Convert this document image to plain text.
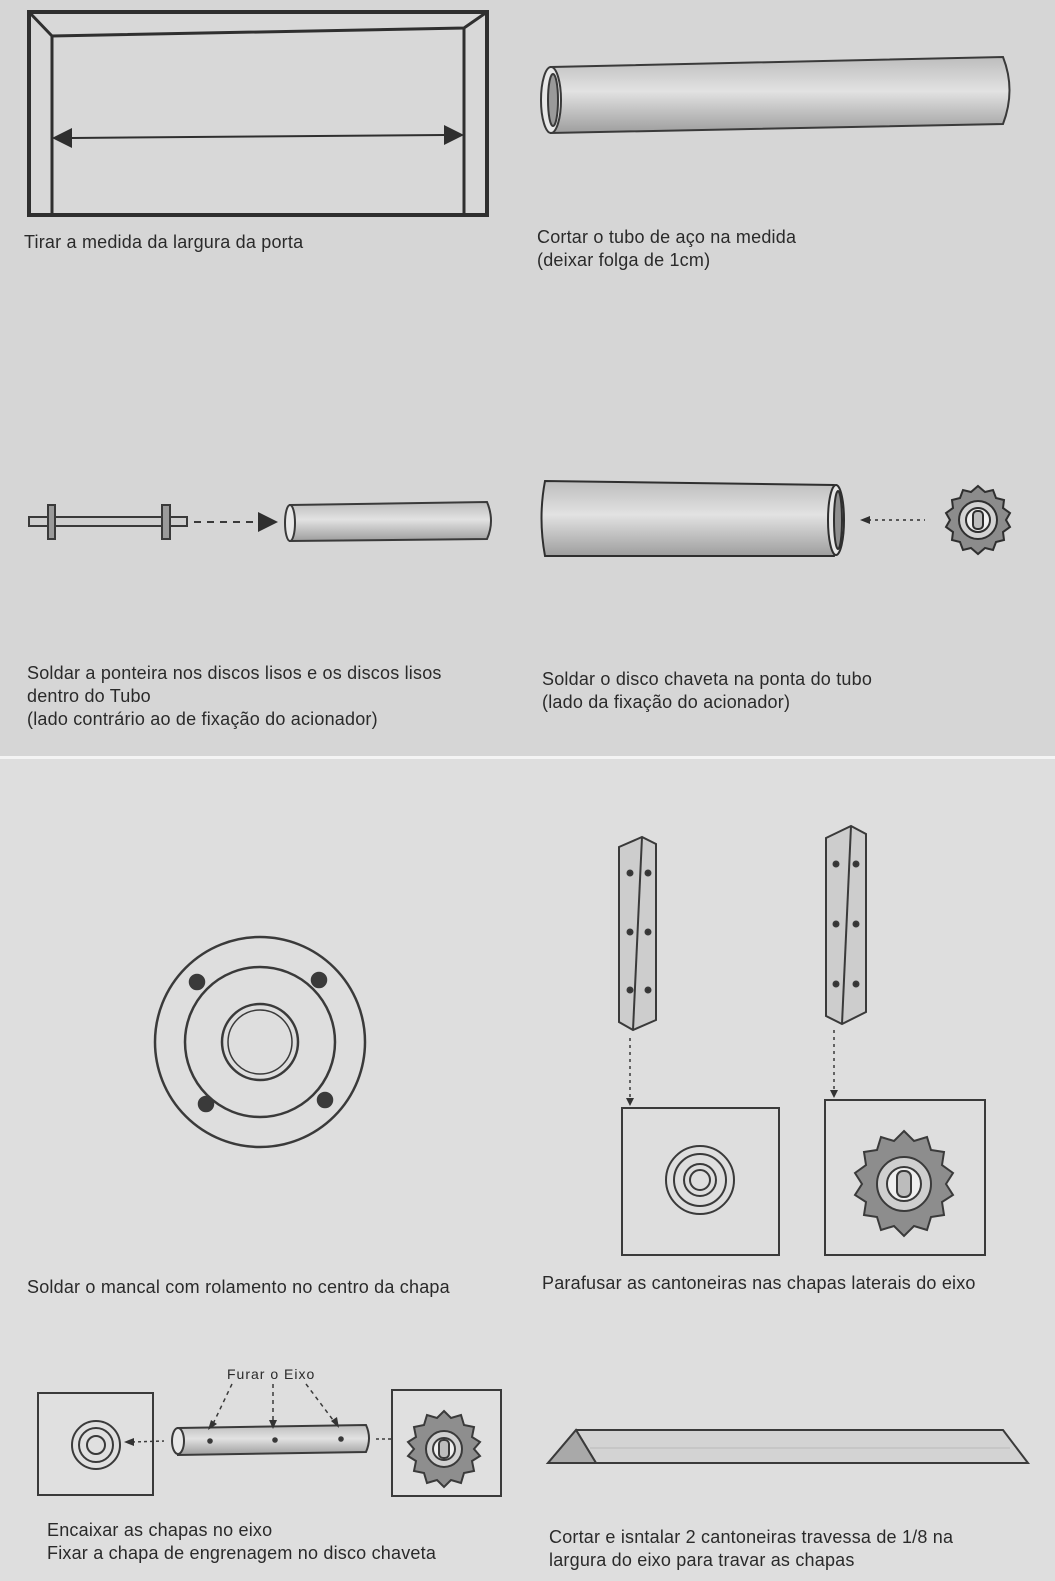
Tirar a medida da largura da porta	Cortar o tubo de aço na medida
(deixar folga de 1cm)
Soldar a ponteira nos discos lisos e os discos lisos
dentro do Tubo
(lado contrário ao de fixação do acionador)
Soldar o disco chaveta na ponta do tubo
(lado da fixação do acionador)
Soldar o mancal com rolamento no centro da chapa	Parafusar as cantoneiras nas chapas laterais do eixo
Furar o Eixo
Encaixar as chapas no eixo
Fixar a chapa de engrenagem no disco chaveta
Cortar e isntalar 2 cantoneiras travessa de 1/8 na
largura do eixo para travar as chapas
